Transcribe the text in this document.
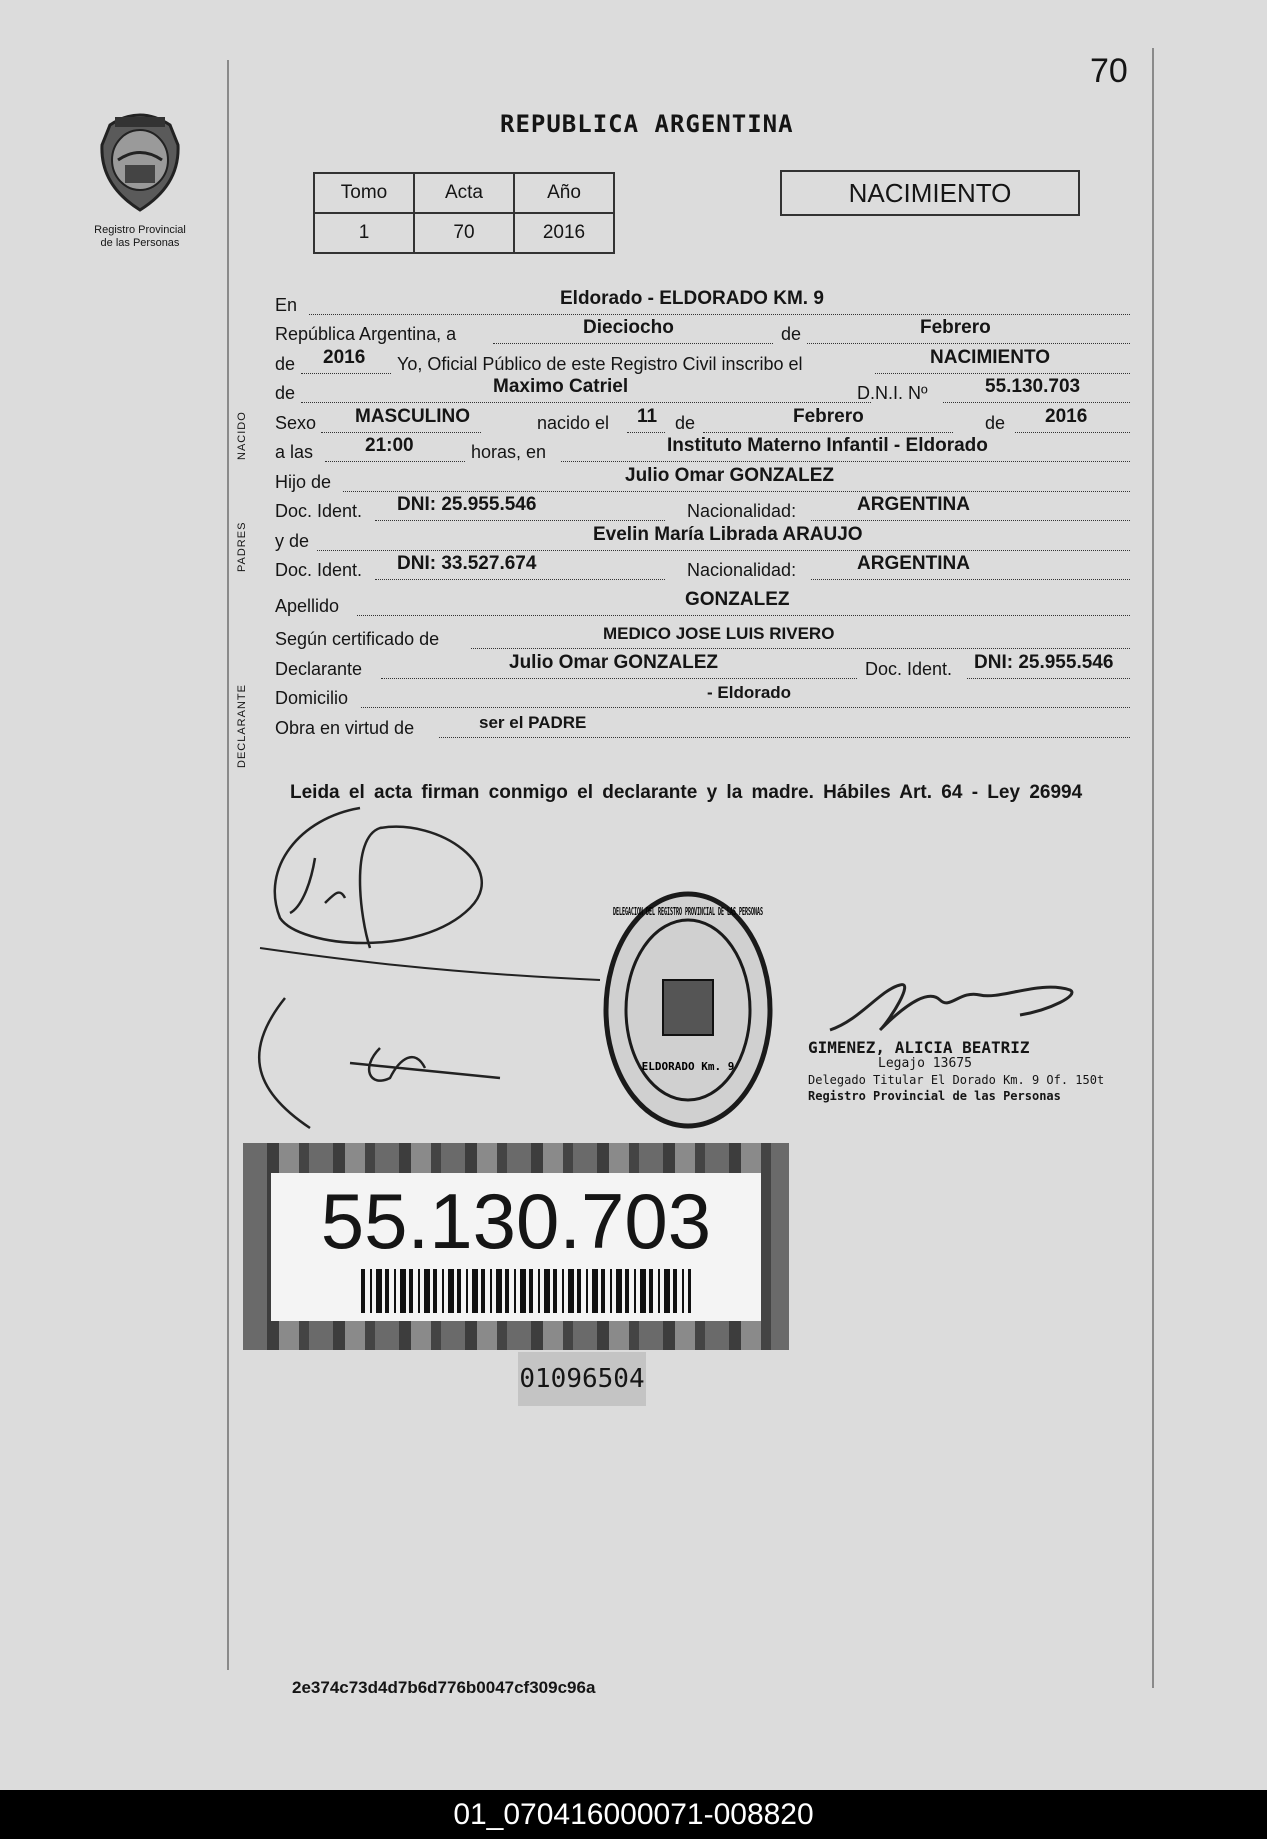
70
Registro Provincial
de las Personas
REPUBLICA ARGENTINA
Tomo	Acta	Año
1	70	2016
NACIMIENTO
NACIDO
PADRES
DECLARANTE
En	Eldorado - ELDORADO KM. 9
República Argentina, a	Dieciocho	de	Febrero
de 2016 Yo, Oficial Público de este Registro Civil inscribo el	NACIMIENTO
de	Maximo Catriel	D.N.I. Nº	55.130.703
Sexo MASCULINO	nacido el 11 de	Febrero	de 2016
a las	21:00	horas, en	Instituto Materno Infantil - Eldorado
Hijo de	Julio Omar GONZALEZ
Doc. Ident. DNI: 25.955.546	Nacionalidad:	ARGENTINA
y de	Evelin María Librada ARAUJO
Doc. Ident. DNI: 33.527.674	Nacionalidad:	ARGENTINA
Apellido	GONZALEZ
Según certificado de	MEDICO JOSE LUIS RIVERO
Declarante	Julio Omar GONZALEZ	Doc. Ident. DNI: 25.955.546
Domicilio	- Eldorado
Obra en virtud de	ser el PADRE
Leida el acta firman conmigo el declarante y la madre. Hábiles Art. 64 - Ley 26994
DELEGACION DEL REGISTRO PROVINCIAL DE LAS PERSONAS
ELDORADO Km. 9
GIMENEZ, ALICIA BEATRIZ
Legajo 13675
Delegado Titular El Dorado Km. 9 Of. 150t
Registro Provincial de las Personas
55.130.703
01096504
2e374c73d4d7b6d776b0047cf309c96a
01_070416000071-008820
